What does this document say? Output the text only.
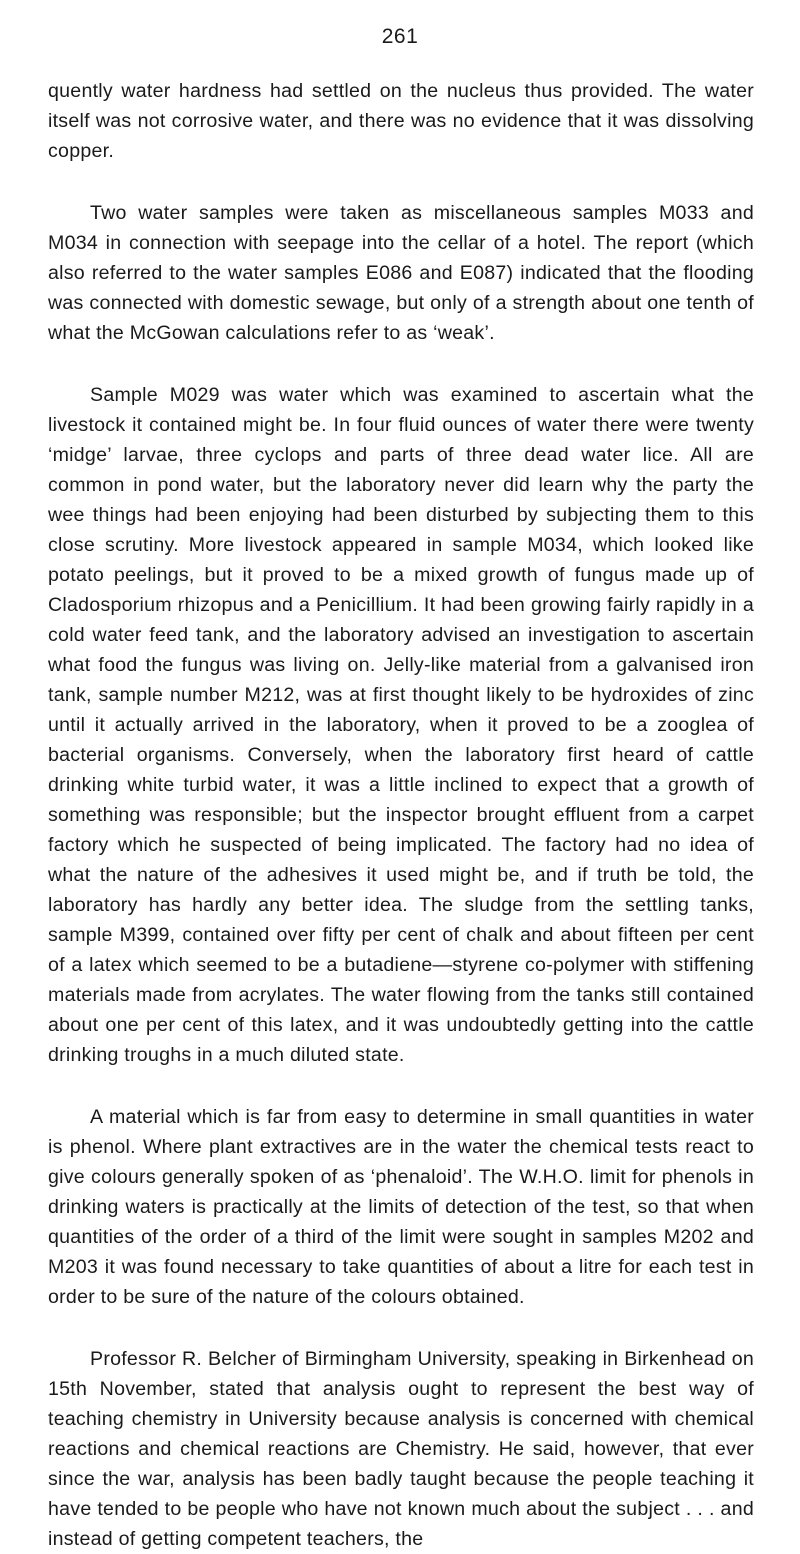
261

quently water hardness had settled on the nucleus thus provided. The water itself was not corrosive water, and there was no evidence that it was dissolving copper.

Two water samples were taken as miscellaneous samples M033 and M034 in connection with seepage into the cellar of a hotel. The report (which also referred to the water samples E086 and E087) indicated that the flooding was connected with domestic sewage, but only of a strength about one tenth of what the McGowan calculations refer to as ‘weak’.

Sample M029 was water which was examined to ascertain what the livestock it contained might be. In four fluid ounces of water there were twenty ‘midge’ larvae, three cyclops and parts of three dead water lice. All are common in pond water, but the laboratory never did learn why the party the wee things had been enjoying had been disturbed by subjecting them to this close scrutiny. More livestock appeared in sample M034, which looked like potato peelings, but it proved to be a mixed growth of fungus made up of Cladosporium rhizopus and a Penicillium. It had been growing fairly rapidly in a cold water feed tank, and the laboratory advised an investigation to ascertain what food the fungus was living on. Jelly-like material from a galvanised iron tank, sample number M212, was at first thought likely to be hydroxides of zinc until it actually arrived in the laboratory, when it proved to be a zooglea of bacterial organisms. Conversely, when the laboratory first heard of cattle drinking white turbid water, it was a little inclined to expect that a growth of something was responsible; but the inspector brought effluent from a carpet factory which he suspected of being implicated. The factory had no idea of what the nature of the adhesives it used might be, and if truth be told, the laboratory has hardly any better idea. The sludge from the settling tanks, sample M399, contained over fifty per cent of chalk and about fifteen per cent of a latex which seemed to be a butadiene—styrene co-polymer with stiffening materials made from acrylates. The water flowing from the tanks still contained about one per cent of this latex, and it was undoubtedly getting into the cattle drinking troughs in a much diluted state.

A material which is far from easy to determine in small quantities in water is phenol. Where plant extractives are in the water the chemical tests react to give colours generally spoken of as ‘phenaloid’. The W.H.O. limit for phenols in drinking waters is practically at the limits of detection of the test, so that when quantities of the order of a third of the limit were sought in samples M202 and M203 it was found necessary to take quantities of about a litre for each test in order to be sure of the nature of the colours obtained.

Professor R. Belcher of Birmingham University, speaking in Birkenhead on 15th November, stated that analysis ought to represent the best way of teaching chemistry in University because analysis is concerned with chemical reactions and chemical reactions are Chemistry. He said, however, that ever since the war, analysis has been badly taught because the people teaching it have tended to be people who have not known much about the subject . . . and instead of getting competent teachers, the
